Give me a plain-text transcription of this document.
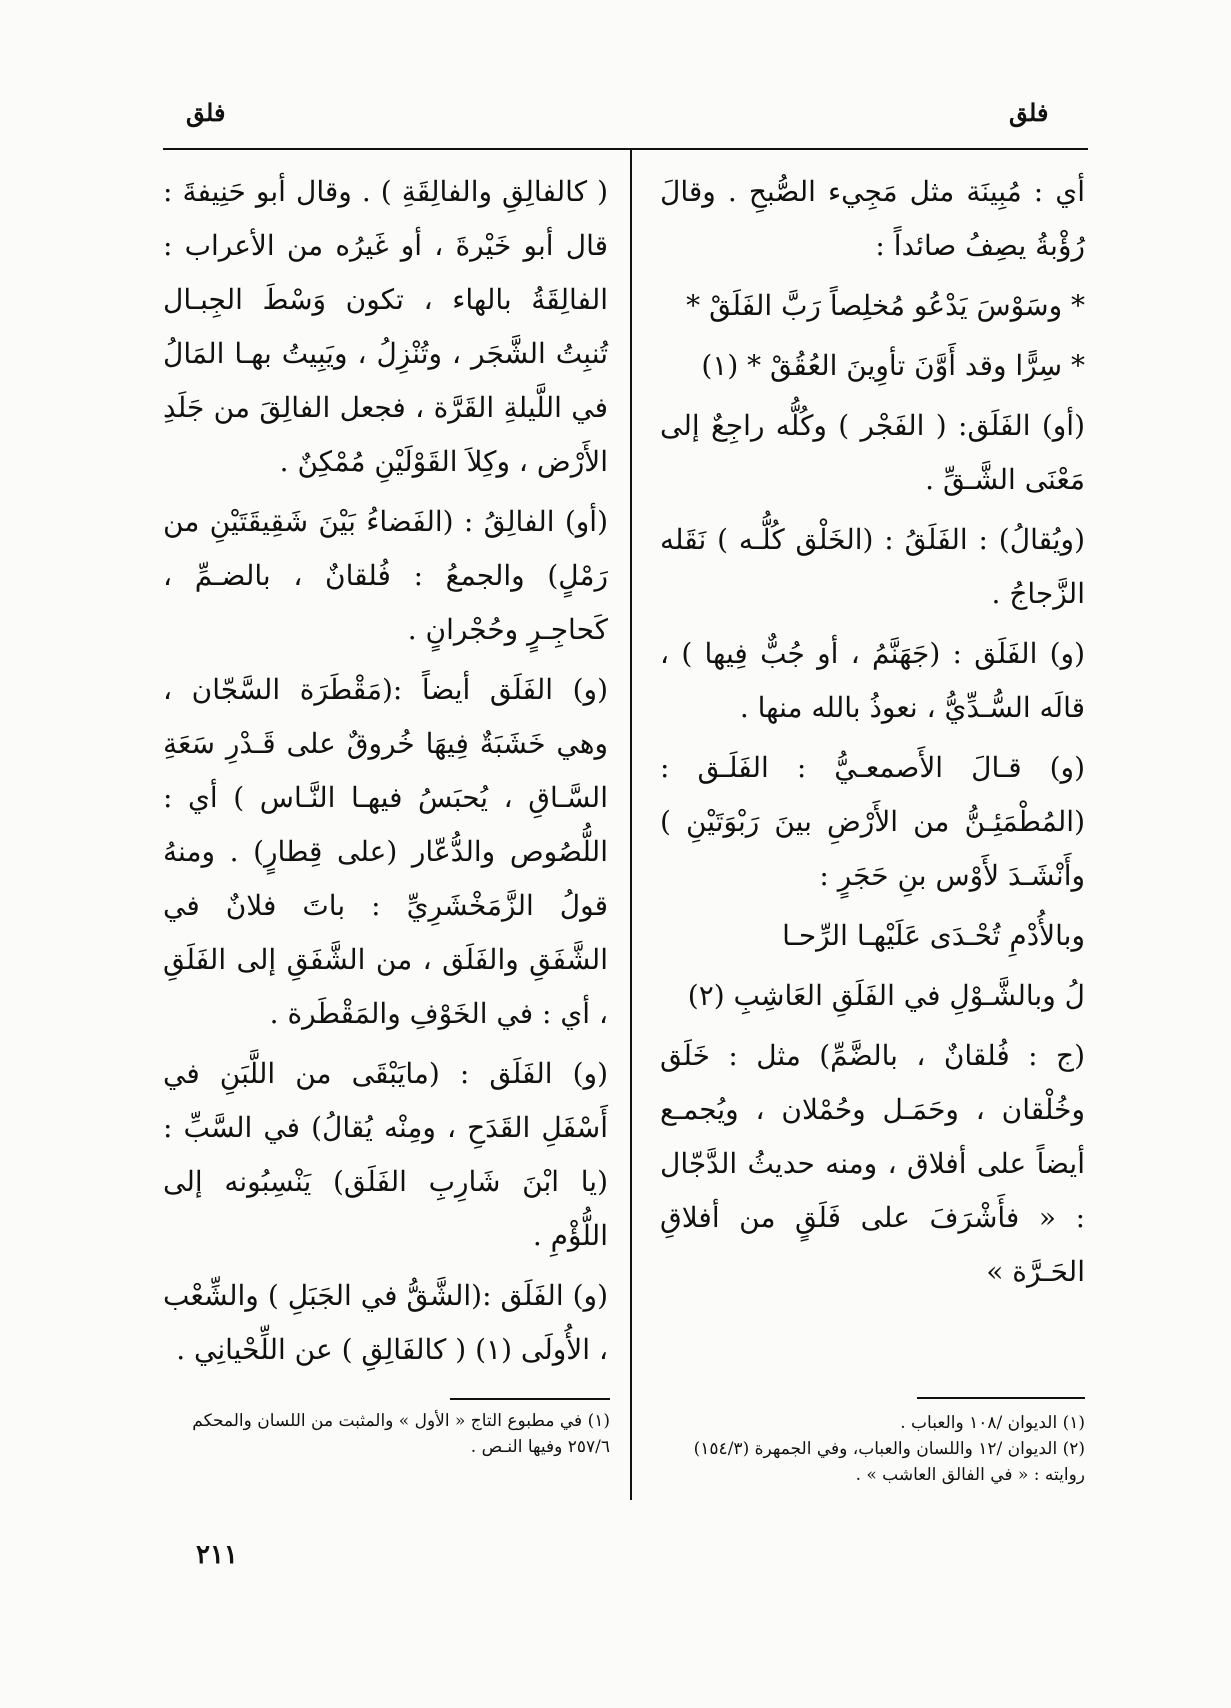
فلق
فلق

أي : مُبِينَة مثل مَجِيء الصُّبحِ . وقالَ رُؤْبةُ يصِفُ صائداً :

* وسَوْسَ يَدْعُو مُخلِصاً رَبَّ الفَلَقْ *

* سِرًّا وقد أَوَّنَ تأوِينَ العُقُقْ * (١)

(أو) الفَلَق: ( الفَجْر ) وكُلُّه راجِعٌ إلى مَعْنَى الشَّـقِّ .

(ويُقالُ) : الفَلَقُ : (الخَلْق كُلُّـه ) نَقَله الزَّجاجُ .

(و) الفَلَق : (جَهَنَّمُ ، أو جُبٌّ فِيها ) ، قالَه السُّـدِّيُّ ، نعوذُ بالله منها .

(و) قـالَ الأَصمعـيُّ : الفَلَـق : (المُطْمَئِـنُّ من الأَرْضِ بينَ رَبْوَتَيْنِ ) وأَنْشَـدَ لأَوْس بنِ حَجَرٍ :

وبالأُدْمِ تُحْـدَى عَلَيْهـا الرِّحـا

لُ وبالشَّـوْلِ في الفَلَقِ العَاشِبِ (٢)

(ج : فُلقانٌ ، بالضَّمِّ) مثل : خَلَق وخُلْقان ، وحَمَـل وحُمْلان ، ويُجمـع أيضاً على أفلاق ، ومنه حديثُ الدَّجّال : « فأَشْرَفَ على فَلَقٍ من أفلاقِ الحَـرَّة »

( كالفالِقِ والفالِقَةِ ) . وقال أبو حَنِيفةَ : قال أبو خَيْرةَ ، أو غَيرُه من الأعراب : الفالِقَةُ بالهاء ، تكون وَسْطَ الجِبـال تُنبِتُ الشَّجَر ، وتُنْزِلُ ، ويَبِيتُ بهـا المَالُ في اللَّيلةِ القَرَّة ، فجعل الفالِقَ من جَلَدِ الأَرْض ، وكِلاَ القَوْلَيْنِ مُمْكِنٌ .

(أو) الفالِقُ : (الفَضاءُ بَيْنَ شَقِيقَتَيْنِ من رَمْلٍ) والجمعُ : فُلقانٌ ، بالضـمِّ ، كَحاجِـرٍ وحُجْرانٍ .

(و) الفَلَق أيضاً :(مَقْطَرَة السَّجّان ، وهي خَشَبَةٌ فِيهَا خُروقٌ على قَـدْرِ سَعَةِ السَّـاقِ ، يُحبَسُ فيهـا النَّـاس ) أي : اللُّصُوص والدُّعّار (على قِطارٍ) . ومنهُ قولُ الزَّمَخْشَرِيِّ : باتَ فلانٌ في الشَّفَقِ والفَلَق ، من الشَّفَقِ إلى الفَلَقِ ، أي : في الخَوْفِ والمَقْطَرة .

(و) الفَلَق : (مايَبْقَى من اللَّبَنِ في أَسْفَلِ القَدَحِ ، ومِنْه يُقالُ) في السَّبِّ : (يا ابْنَ شَارِبِ الفَلَق) يَنْسِبُونه إلى اللُّؤْمِ .

(و) الفَلَق :(الشَّقُّ في الجَبَلِ ) والشِّعْب ، الأُولَى (١) ( كالفَالِقِ ) عن اللِّحْيانِي .

(١) الديوان /١٠٨ والعباب .

(٢) الديوان /١٢ واللسان والعباب، وفي الجمهرة (١٥٤/٣) روايته : « في الفالق العاشب » .

(١) في مطبوع التاج « الأول » والمثبت من اللسان والمحكم ٢٥٧/٦ وفيها النـص .

٢١١
